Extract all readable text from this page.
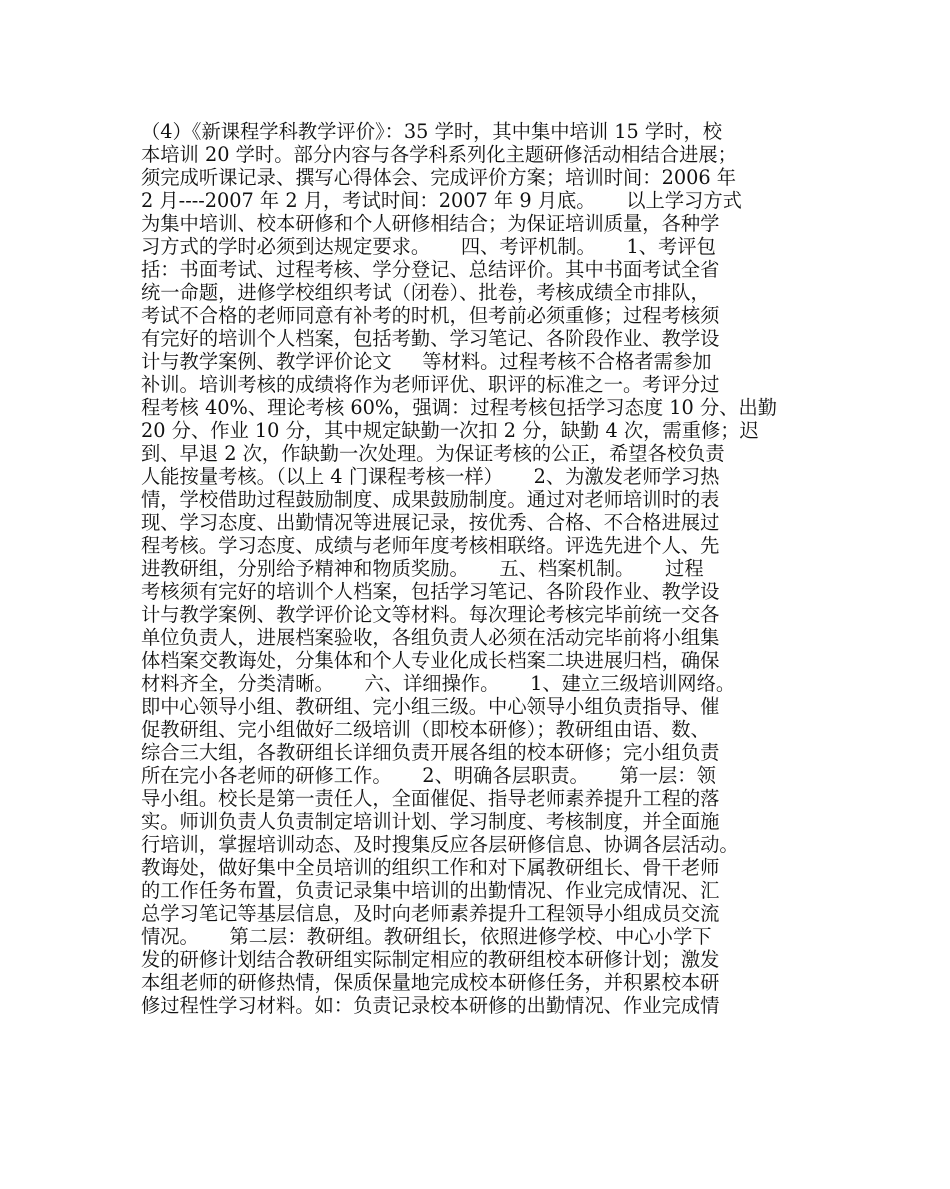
（4）《新课程学科教学评价》：35 学时，其中集中培训 15 学时，校
本培训 20 学时。部分内容与各学科系列化主题研修活动相结合进展；
须完成听课记录、撰写心得体会、完成评价方案；培训时间：2006 年
2 月----2007 年 2 月，考试时间：2007 年 9 月底。     以上学习方式
为集中培训、校本研修和个人研修相结合；为保证培训质量，各种学
习方式的学时必须到达规定要求。     四、考评机制。     1、考评包
括：书面考试、过程考核、学分登记、总结评价。其中书面考试全省
统一命题，进修学校组织考试（闭卷）、批卷，考核成绩全市排队，
考试不合格的老师同意有补考的时机，但考前必须重修；过程考核须
有完好的培训个人档案，包括考勤、学习笔记、各阶段作业、教学设
计与教学案例、教学评价论文     等材料。过程考核不合格者需参加
补训。培训考核的成绩将作为老师评优、职评的标准之一。考评分过
程考核 40%、理论考核 60%，强调：过程考核包括学习态度 10 分、出勤
20 分、作业 10 分，其中规定缺勤一次扣 2 分，缺勤 4 次，需重修；迟
到、早退 2 次，作缺勤一次处理。为保证考核的公正，希望各校负责
人能按量考核。（以上 4 门课程考核一样）     2、为激发老师学习热
情，学校借助过程鼓励制度、成果鼓励制度。通过对老师培训时的表
现、学习态度、出勤情况等进展记录，按优秀、合格、不合格进展过
程考核。学习态度、成绩与老师年度考核相联络。评选先进个人、先
进教研组，分别给予精神和物质奖励。     五、档案机制。     过程
考核须有完好的培训个人档案，包括学习笔记、各阶段作业、教学设
计与教学案例、教学评价论文等材料。每次理论考核完毕前统一交各
单位负责人，进展档案验收，各组负责人必须在活动完毕前将小组集
体档案交教诲处，分集体和个人专业化成长档案二块进展归档，确保
材料齐全，分类清晰。     六、详细操作。     1、建立三级培训网络。
即中心领导小组、教研组、完小组三级。中心领导小组负责指导、催
促教研组、完小组做好二级培训（即校本研修）；教研组由语、数、
综合三大组，各教研组长详细负责开展各组的校本研修；完小组负责
所在完小各老师的研修工作。     2、明确各层职责。     第一层：领
导小组。校长是第一责任人，全面催促、指导老师素养提升工程的落
实。师训负责人负责制定培训计划、学习制度、考核制度，并全面施
行培训，掌握培训动态、及时搜集反应各层研修信息、协调各层活动。
教诲处，做好集中全员培训的组织工作和对下属教研组长、骨干老师
的工作任务布置，负责记录集中培训的出勤情况、作业完成情况、汇
总学习笔记等基层信息，及时向老师素养提升工程领导小组成员交流
情况。     第二层：教研组。教研组长，依照进修学校、中心小学下
发的研修计划结合教研组实际制定相应的教研组校本研修计划；激发
本组老师的研修热情，保质保量地完成校本研修任务，并积累校本研
修过程性学习材料。如：负责记录校本研修的出勤情况、作业完成情
